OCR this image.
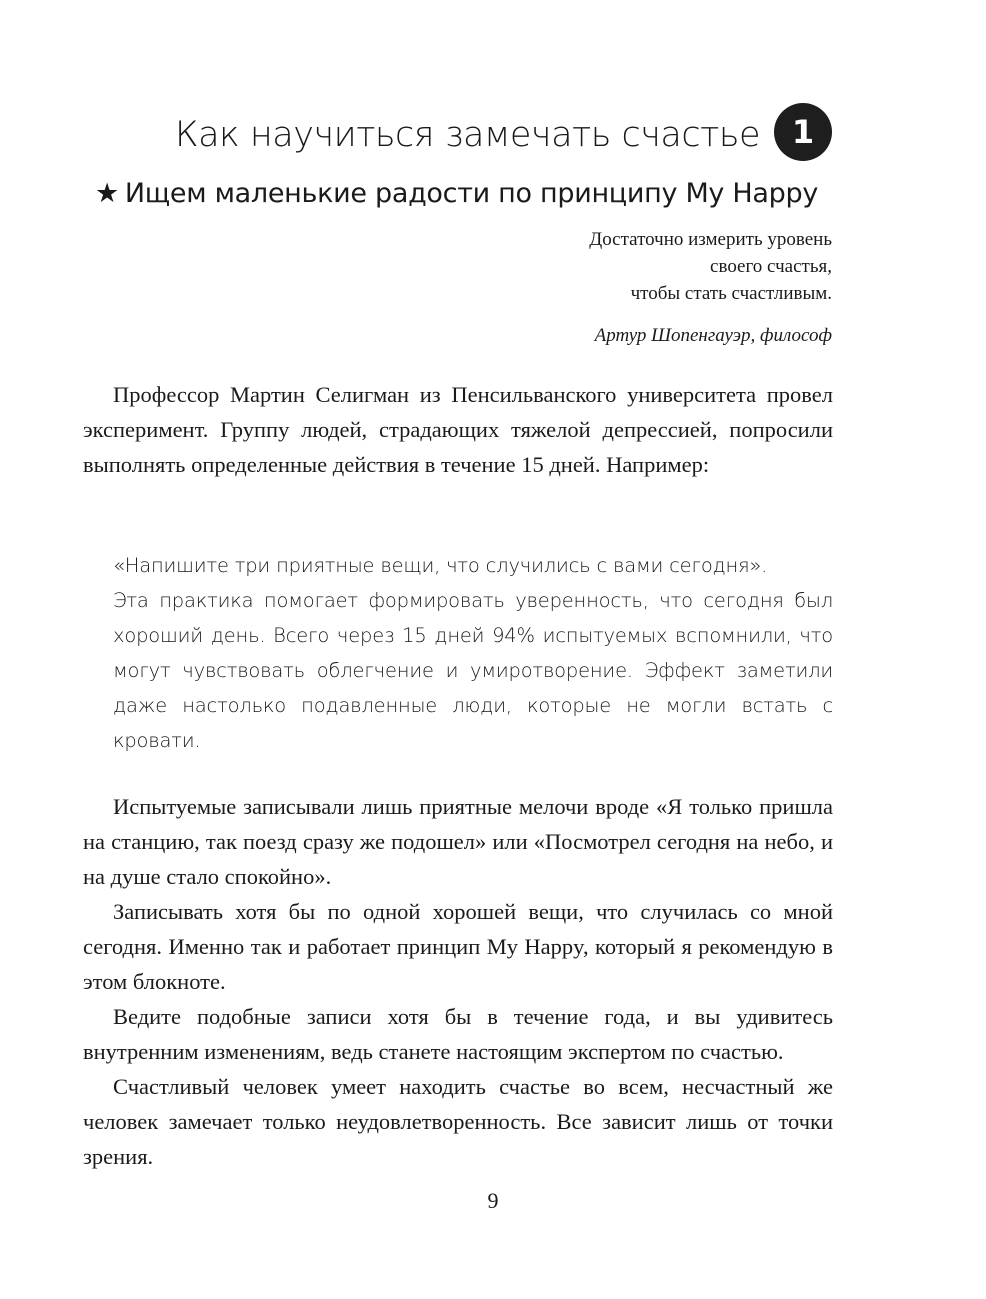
Как научиться замечать счастье 1
★ Ищем маленькие радости по принципу My Happy
Достаточно измерить уровень
своего счастья,
чтобы стать счастливым.
Артур Шопенгауэр, философ

Профессор Мартин Селигман из Пенсильванского университета провел эксперимент. Группу людей, страдающих тяжелой депрессией, попросили выполнять определенные действия в течение 15 дней. Например:

«Напишите три приятные вещи, что случились с вами сегодня».

Эта практика помогает формировать уверенность, что сегодня был хороший день. Всего через 15 дней 94% испытуемых вспомнили, что могут чувствовать облегчение и умиротворение. Эффект заметили даже настолько подавленные люди, которые не могли встать с кровати.

Испытуемые записывали лишь приятные мелочи вроде «Я только пришла на станцию, так поезд сразу же подошел» или «Посмотрел сегодня на небо, и на душе стало спокойно».

Записывать хотя бы по одной хорошей вещи, что случилась со мной сегодня. Именно так и работает принцип My Happy, который я рекомендую в этом блокноте.

Ведите подобные записи хотя бы в течение года, и вы удивитесь внутренним изменениям, ведь станете настоящим экспертом по счастью.

Счастливый человек умеет находить счастье во всем, несчастный же человек замечает только неудовлетворенность. Все зависит лишь от точки зрения.

9
